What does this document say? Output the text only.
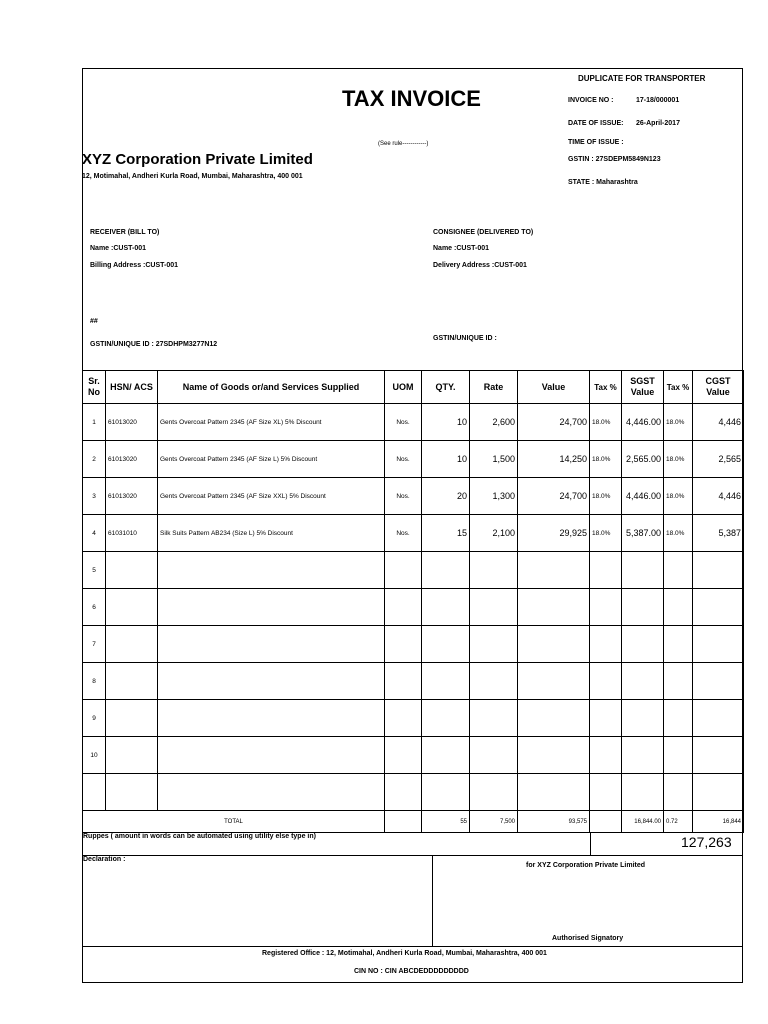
DUPLICATE FOR TRANSPORTER
TAX INVOICE
(See rule------------)
INVOICE NO :	17-18/000001
DATE OF ISSUE: 26-April-2017
TIME OF ISSUE :
GSTIN : 27SDEPM5849N123
STATE : Maharashtra
XYZ Corporation Private Limited
12, Motimahal, Andheri Kurla Road, Mumbai, Maharashtra, 400 001
RECEIVER (BILL TO)
Name :CUST-001
Billing Address :CUST-001
##
GSTIN/UNIQUE ID : 27SDHPM3277N12
CONSIGNEE (DELIVERED TO)
Name :CUST-001
Delivery Address :CUST-001
GSTIN/UNIQUE ID :
Sr. No	HSN/ ACS	Name of Goods or/and Services Supplied	UOM	QTY.	Rate	Value	Tax %	SGST Value	Tax %	CGST Value
1	61013020	Gents Overcoat Pattern 2345 (AF Size XL) 5% Discount	Nos.	10	2,600	24,700	18.0%	4,446.00	18.0%	4,446
2	61013020	Gents Overcoat Pattern 2345 (AF Size L) 5% Discount	Nos.	10	1,500	14,250	18.0%	2,565.00	18.0%	2,565
3	61013020	Gents Overcoat Pattern 2345 (AF Size XXL) 5% Discount	Nos.	20	1,300	24,700	18.0%	4,446.00	18.0%	4,446
4	61031010	Silk Suits Pattern AB234 (Size L) 5% Discount	Nos.	15	2,100	29,925	18.0%	5,387.00	18.0%	5,387
5										
6										
7										
8										
9										
10										

TOTAL				55	7,500	93,575		16,844.00	0.72	16,844
Ruppes ( amount in words can be automated using utility else type in)	127,263
Declaration :
for XYZ Corporation Private Limited
Authorised Signatory
Registered Office : 12, Motimahal, Andheri Kurla Road, Mumbai, Maharashtra, 400 001
CIN NO : CIN ABCDEDDDDDDDDD
